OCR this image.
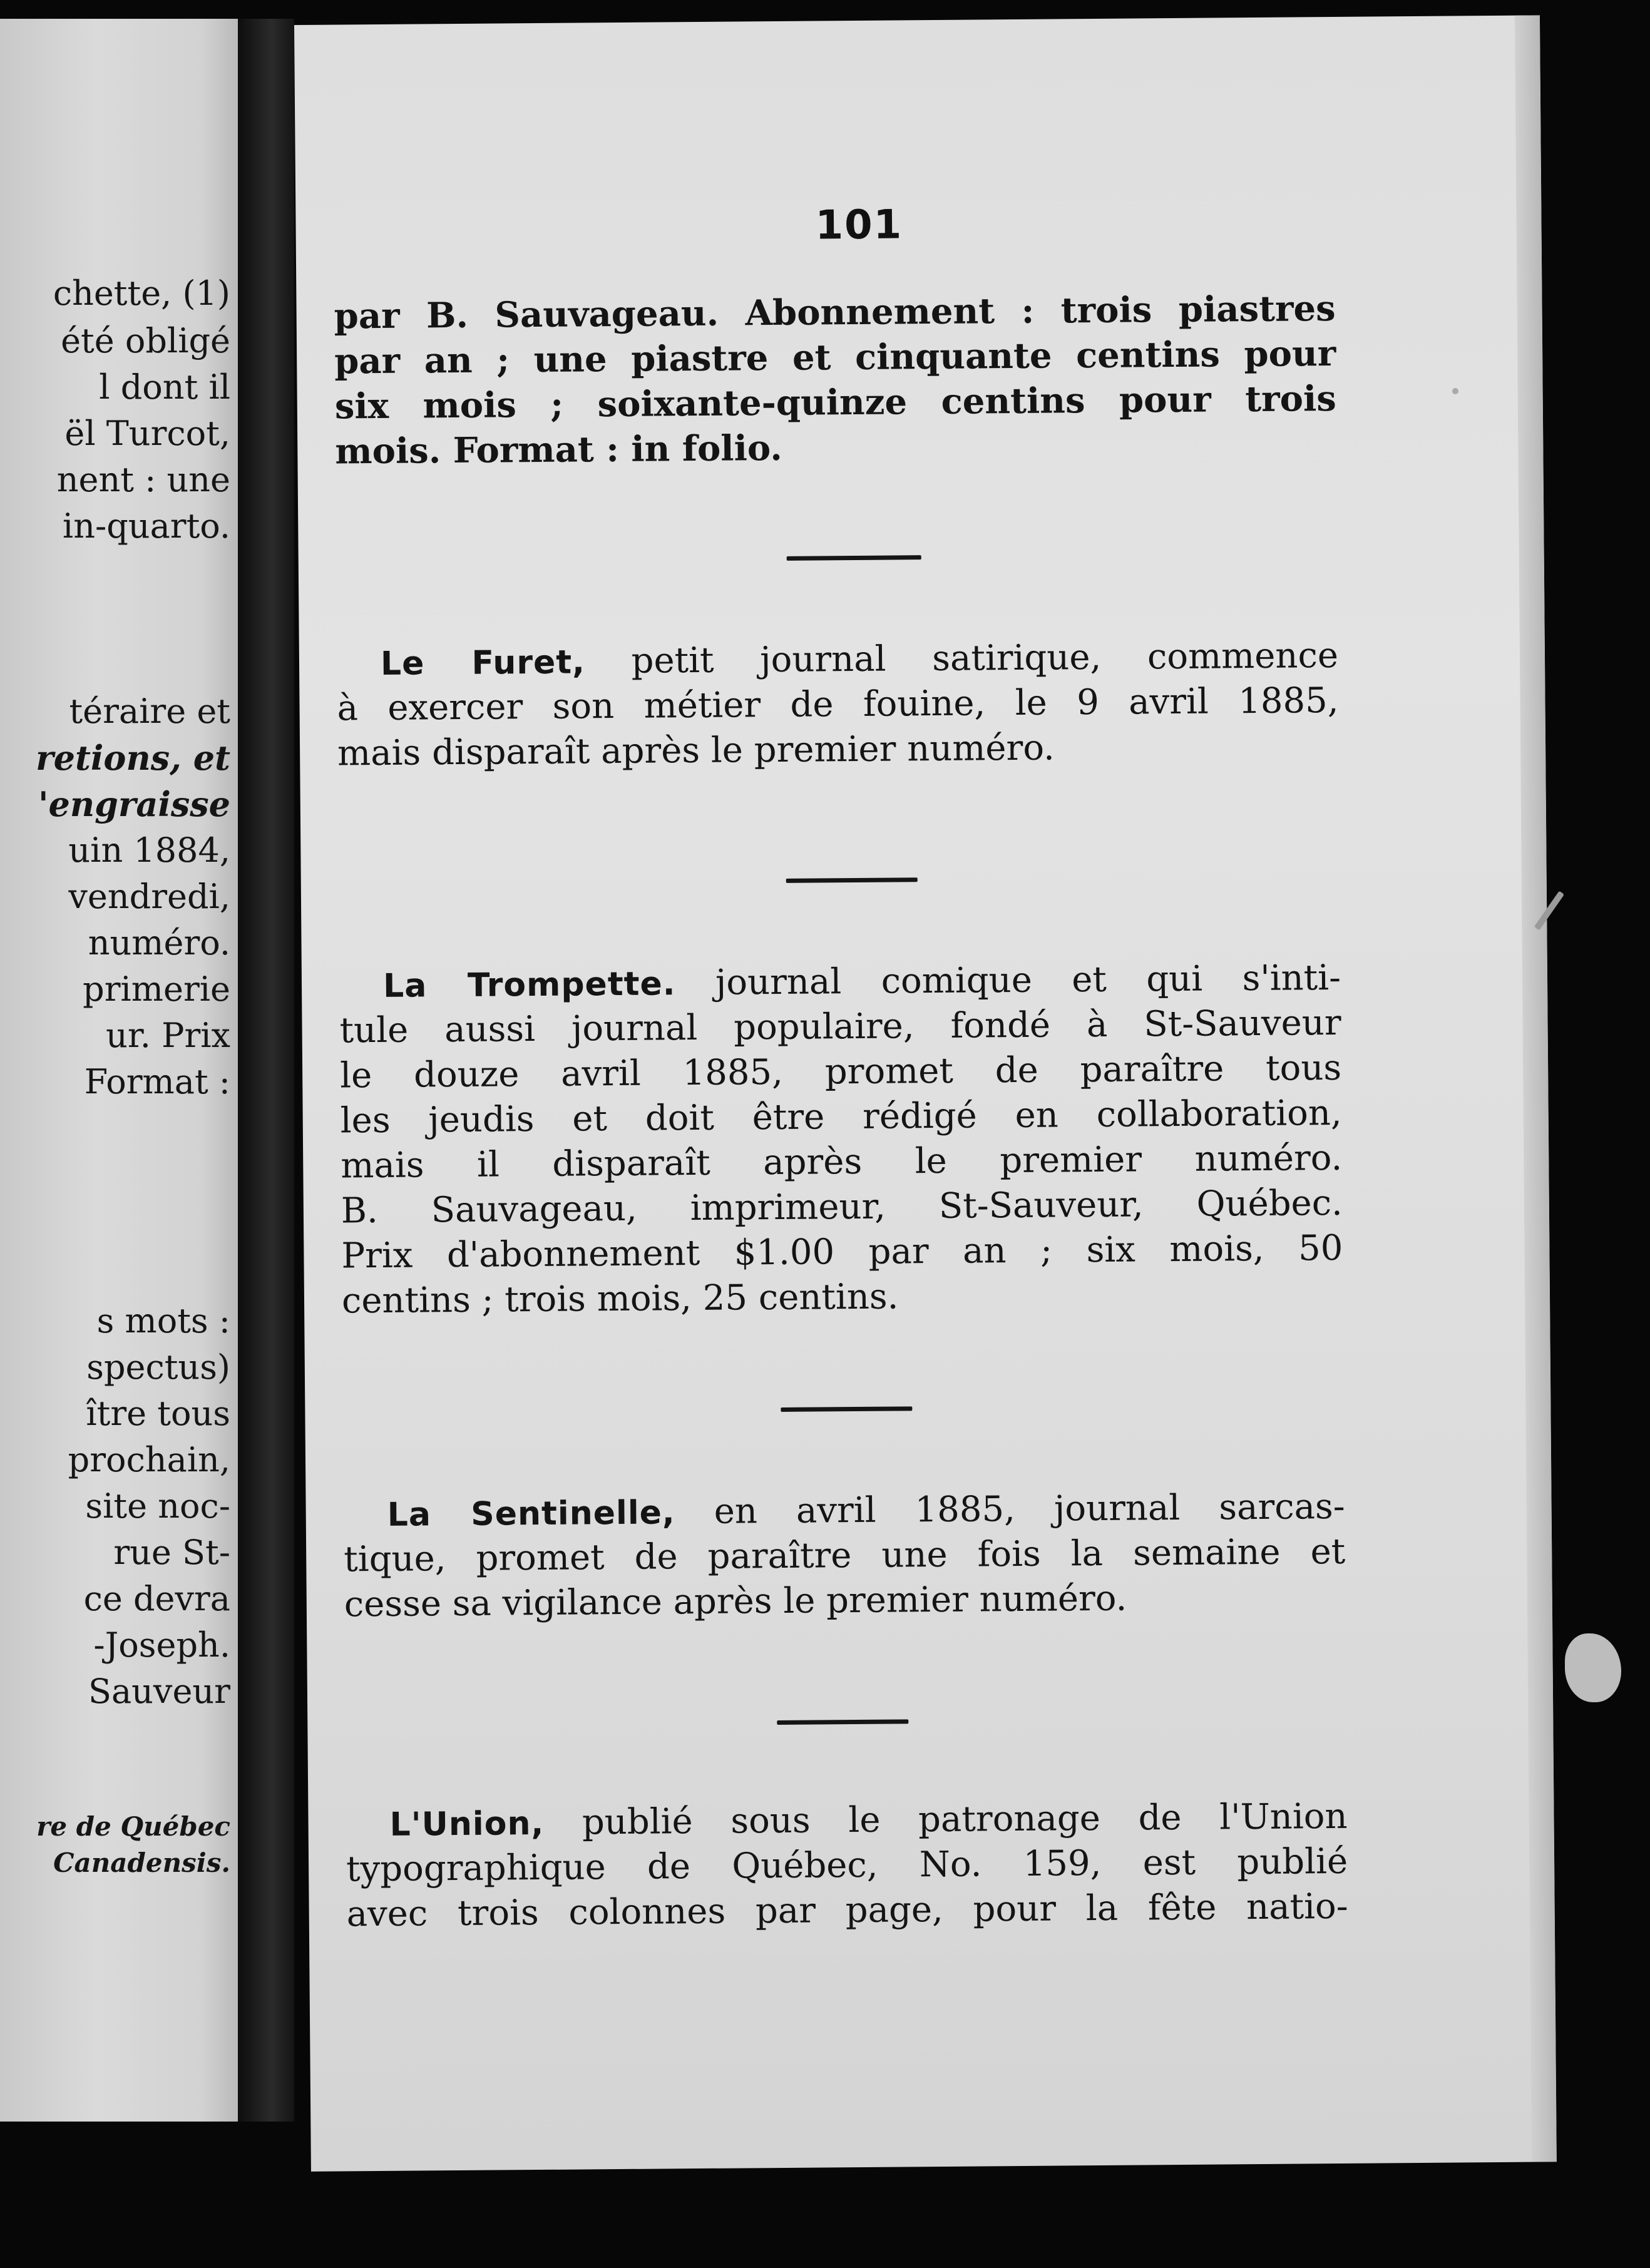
chette, (1)
été obligé
l dont il
ël Turcot,
nent : une
in-quarto.
téraire et
retions, et
'engraisse
uin 1884,
vendredi,
numéro.
primerie
ur. Prix
Format :
s mots :
spectus)
ître tous
prochain,
site noc-
rue St-
ce devra
-Joseph.
Sauveur
re de Québec
Canadensis.
101
par B. Sauvageau. Abonnement : trois piastres
par an ; une piastre et cinquante centins pour
six mois ; soixante-quinze centins pour trois
mois. Format : in folio.
Le Furet, petit journal satirique, commence
à exercer son métier de fouine, le 9 avril 1885,
mais disparaît après le premier numéro.
La Trompette. journal comique et qui s'inti-
tule aussi journal populaire, fondé à St-Sauveur
le douze avril 1885, promet de paraître tous
les jeudis et doit être rédigé en collaboration,
mais il disparaît après le premier numéro.
B. Sauvageau, imprimeur, St-Sauveur, Québec.
Prix d'abonnement $1.00 par an ; six mois, 50
centins ; trois mois, 25 centins.
La Sentinelle, en avril 1885, journal sarcas-
tique, promet de paraître une fois la semaine et
cesse sa vigilance après le premier numéro.
L'Union, publié sous le patronage de l'Union
typographique de Québec, No. 159, est publié
avec trois colonnes par page, pour la fête natio-
